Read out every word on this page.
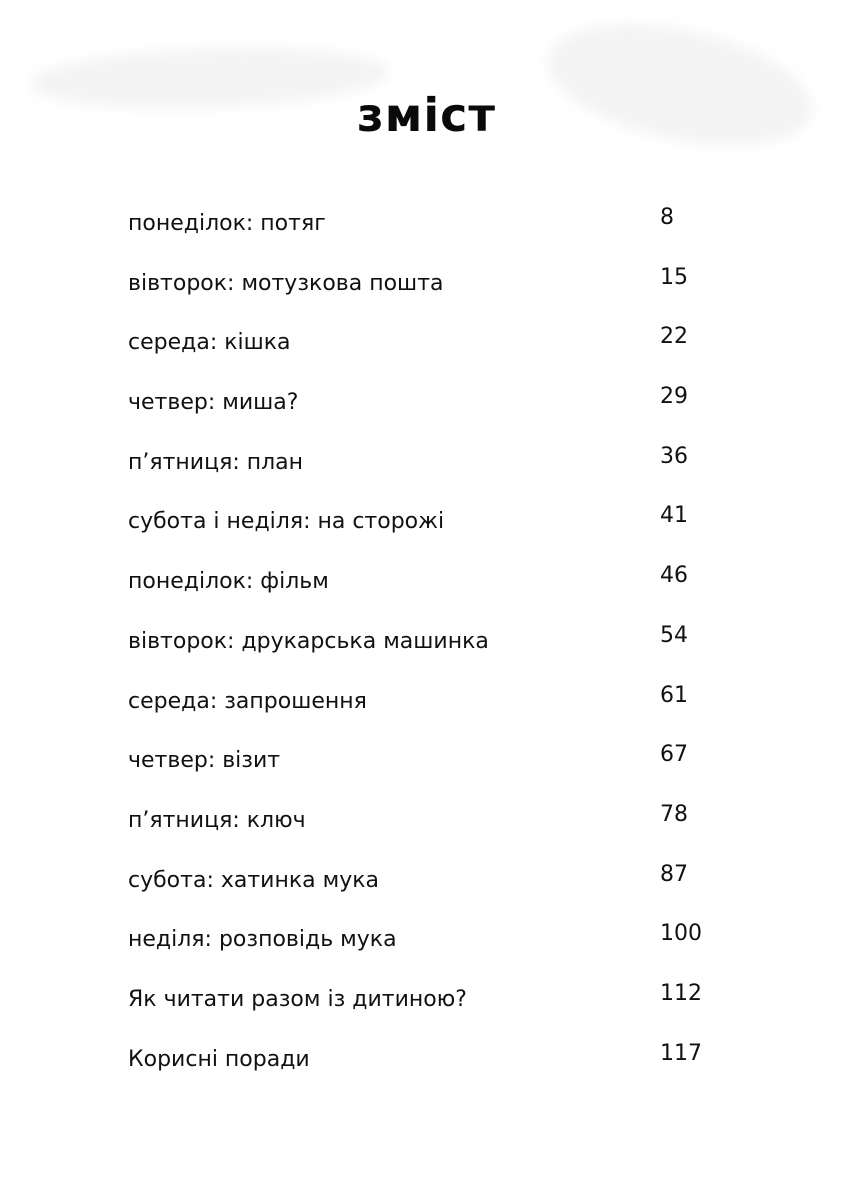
зміст
понеділок: потяг	8
вівторок: мотузкова пошта	15
середа: кішка	22
четвер: миша?	29
п’ятниця: план	36
субота і неділя: на сторожі	41
понеділок: фільм	46
вівторок: друкарська машинка	54
середа: запрошення	61
четвер: візит	67
п’ятниця: ключ	78
субота: хатинка мука	87
неділя: розповідь мука	100
Як читати разом із дитиною?	112
Корисні поради	117
